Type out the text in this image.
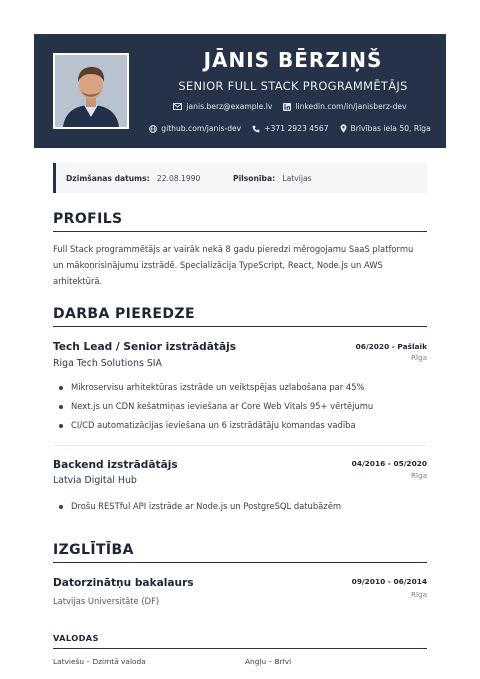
JĀNIS BĒRZIŅŠ
SENIOR FULL STACK PROGRAMMĒTĀJS
janis.berz@example.lv	linkedin.com/in/janisberz-dev
github.com/janis-dev	+371 2923 4567	Brīvības iela 50, Rīga
Dzimšanas datums: 22.08.1990	Pilsonība: Latvijas
PROFILS
Full Stack programmētājs ar vairāk nekā 8 gadu pieredzi mērogojamu SaaS platformu
un mākoņrisinājumu izstrādē. Specializācija TypeScript, React, Node.js un AWS
arhitektūrā.
DARBA PIEREDZE
Tech Lead / Senior izstrādātājs	06/2020 - Pašlaik
Riga Tech Solutions SIA
Rīga
Mikroservisu arhitektūras izstrāde un veiktspējas uzlabošana par 45%
Next.js un CDN kešatmiņas ieviešana ar Core Web Vitals 95+ vērtējumu
CI/CD automatizācijas ieviešana un 6 izstrādātāju komandas vadība
Backend izstrādātājs	04/2016 - 05/2020
Latvia Digital Hub	Rīga
Drošu RESTful API izstrāde ar Node.js un PostgreSQL datubāzēm
IZGLĪTĪBA
Datorzinātņu bakalaurs	09/2010 - 06/2014
Latvijas Universitāte (DF)
Rīga
VALODAS
Latviešu – Dzimtā valoda	Angļu – Brīvi
